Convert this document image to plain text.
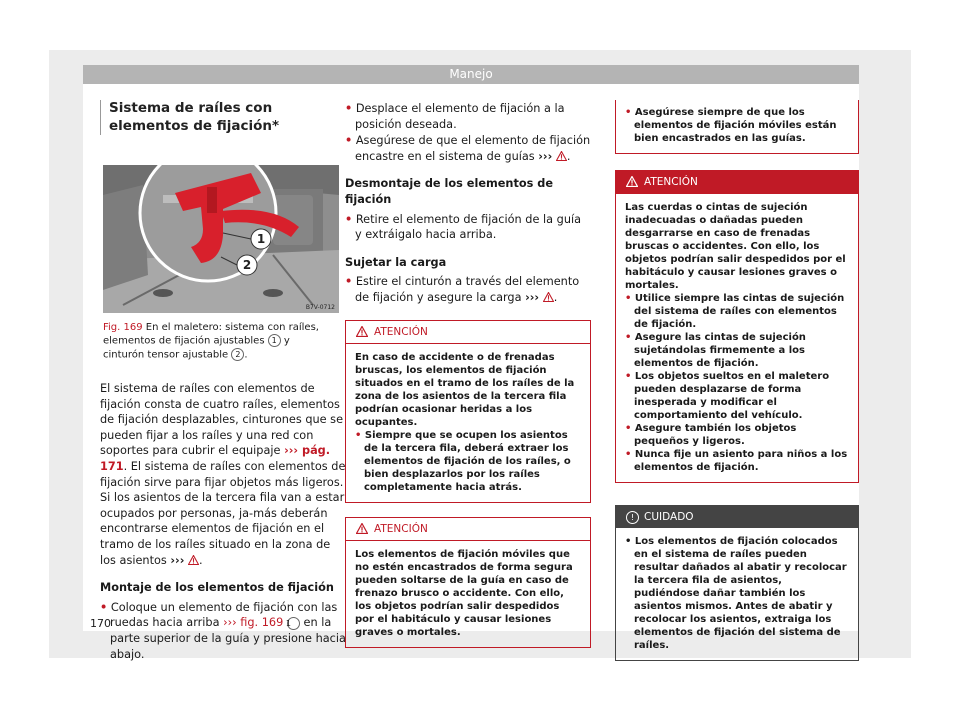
Manejo
Sistema de raíles con elementos de fijación*
1
2
B7V-0712
Fig. 169 En el maletero: sistema con raíles, elementos de fijación ajustables 1 y cinturón tensor ajustable 2 .

El sistema de raíles con elementos de fijación consta de cuatro raíles, elementos de fijación desplazables, cinturones que se pueden fijar a los raíles y una red con soportes para cubrir el equipaje ››› pág. 171. El sistema de raíles con elementos de fijación sirve para fijar objetos más ligeros. Si los asientos de la tercera fila van a estar ocupados por personas, ja-más deberán encontrarse elementos de fijación en el tramo de los raíles situado en la zona de los asientos ››› .

Montaje de los elementos de fijación
• Coloque un elemento de fijación con las ruedas hacia arriba ››› fig. 169 1 en la parte superior de la guía y presione hacia abajo.
• Desplace el elemento de fijación a la posición deseada.
• Asegúrese de que el elemento de fijación encastre en el sistema de guías ››› .
Desmontaje de los elementos de fijación
• Retire el elemento de fijación de la guía y extráigalo hacia arriba.
Sujetar la carga
• Estire el cinturón a través del elemento de fijación y asegure la carga ››› .
ATENCIÓN
En caso de accidente o de frenadas bruscas, los elementos de fijación situados en el tramo de los raíles de la zona de los asientos de la tercera fila podrían ocasionar heridas a los ocupantes.
• Siempre que se ocupen los asientos de la tercera fila, deberá extraer los elementos de fijación de los raíles, o bien desplazarlos por los raíles completamente hacia atrás.
ATENCIÓN
Los elementos de fijación móviles que no estén encastrados de forma segura pueden soltarse de la guía en caso de frenazo brusco o accidente. Con ello, los objetos podrían salir despedidos por el habitáculo y causar lesiones graves o mortales.
• Asegúrese siempre de que los elementos de fijación móviles están bien encastrados en las guías.
ATENCIÓN
Las cuerdas o cintas de sujeción inadecuadas o dañadas pueden desgarrarse en caso de frenadas bruscas o accidentes. Con ello, los objetos podrían salir despedidos por el habitáculo y causar lesiones graves o mortales.
• Utilice siempre las cintas de sujeción del sistema de raíles con elementos de fijación.
• Asegure las cintas de sujeción sujetándolas firmemente a los elementos de fijación.
• Los objetos sueltos en el maletero pueden desplazarse de forma inesperada y modificar el comportamiento del vehículo.
• Asegure también los objetos pequeños y ligeros.
• Nunca fije un asiento para niños a los elementos de fijación.
! CUIDADO
• Los elementos de fijación colocados en el sistema de raíles pueden resultar dañados al abatir y recolocar la tercera fila de asientos, pudiéndose dañar también los asientos mismos. Antes de abatir y recolocar los asientos, extraiga los elementos de fijación del sistema de raíles.
170
